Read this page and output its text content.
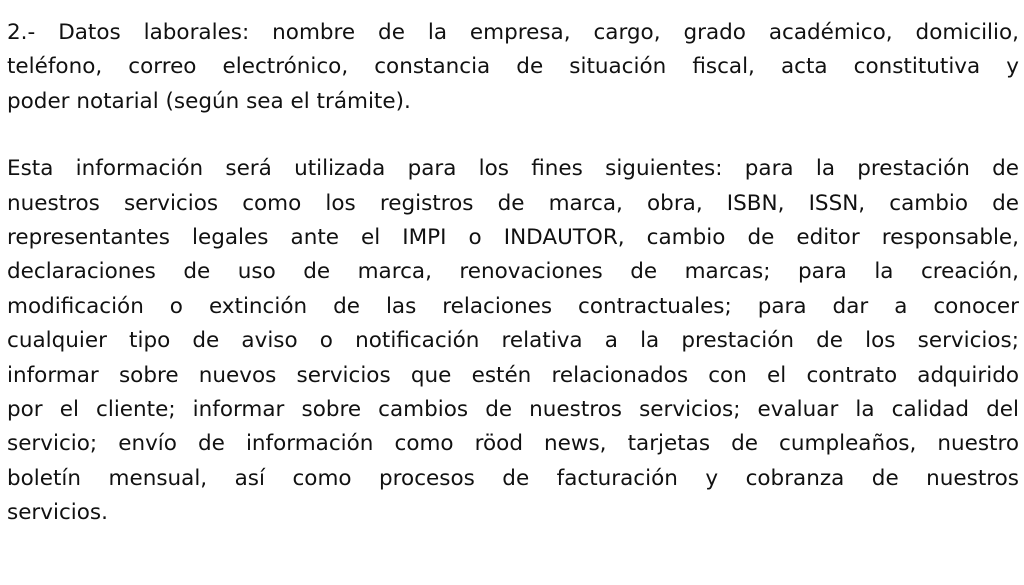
2.- Datos laborales: nombre de la empresa, cargo, grado académico, domicilio,
teléfono, correo electrónico, constancia de situación fiscal, acta constitutiva y
poder notarial (según sea el trámite).

Esta información será utilizada para los fines siguientes: para la prestación de
nuestros servicios como los registros de marca, obra, ISBN, ISSN, cambio de
representantes legales ante el IMPI o INDAUTOR, cambio de editor responsable,
declaraciones de uso de marca, renovaciones de marcas; para la creación,
modificación o extinción de las relaciones contractuales; para dar a conocer
cualquier tipo de aviso o notificación relativa a la prestación de los servicios;
informar sobre nuevos servicios que estén relacionados con el contrato adquirido
por el cliente; informar sobre cambios de nuestros servicios; evaluar la calidad del
servicio; envío de información como röod news, tarjetas de cumpleaños, nuestro
boletín mensual, así como procesos de facturación y cobranza de nuestros
servicios.
